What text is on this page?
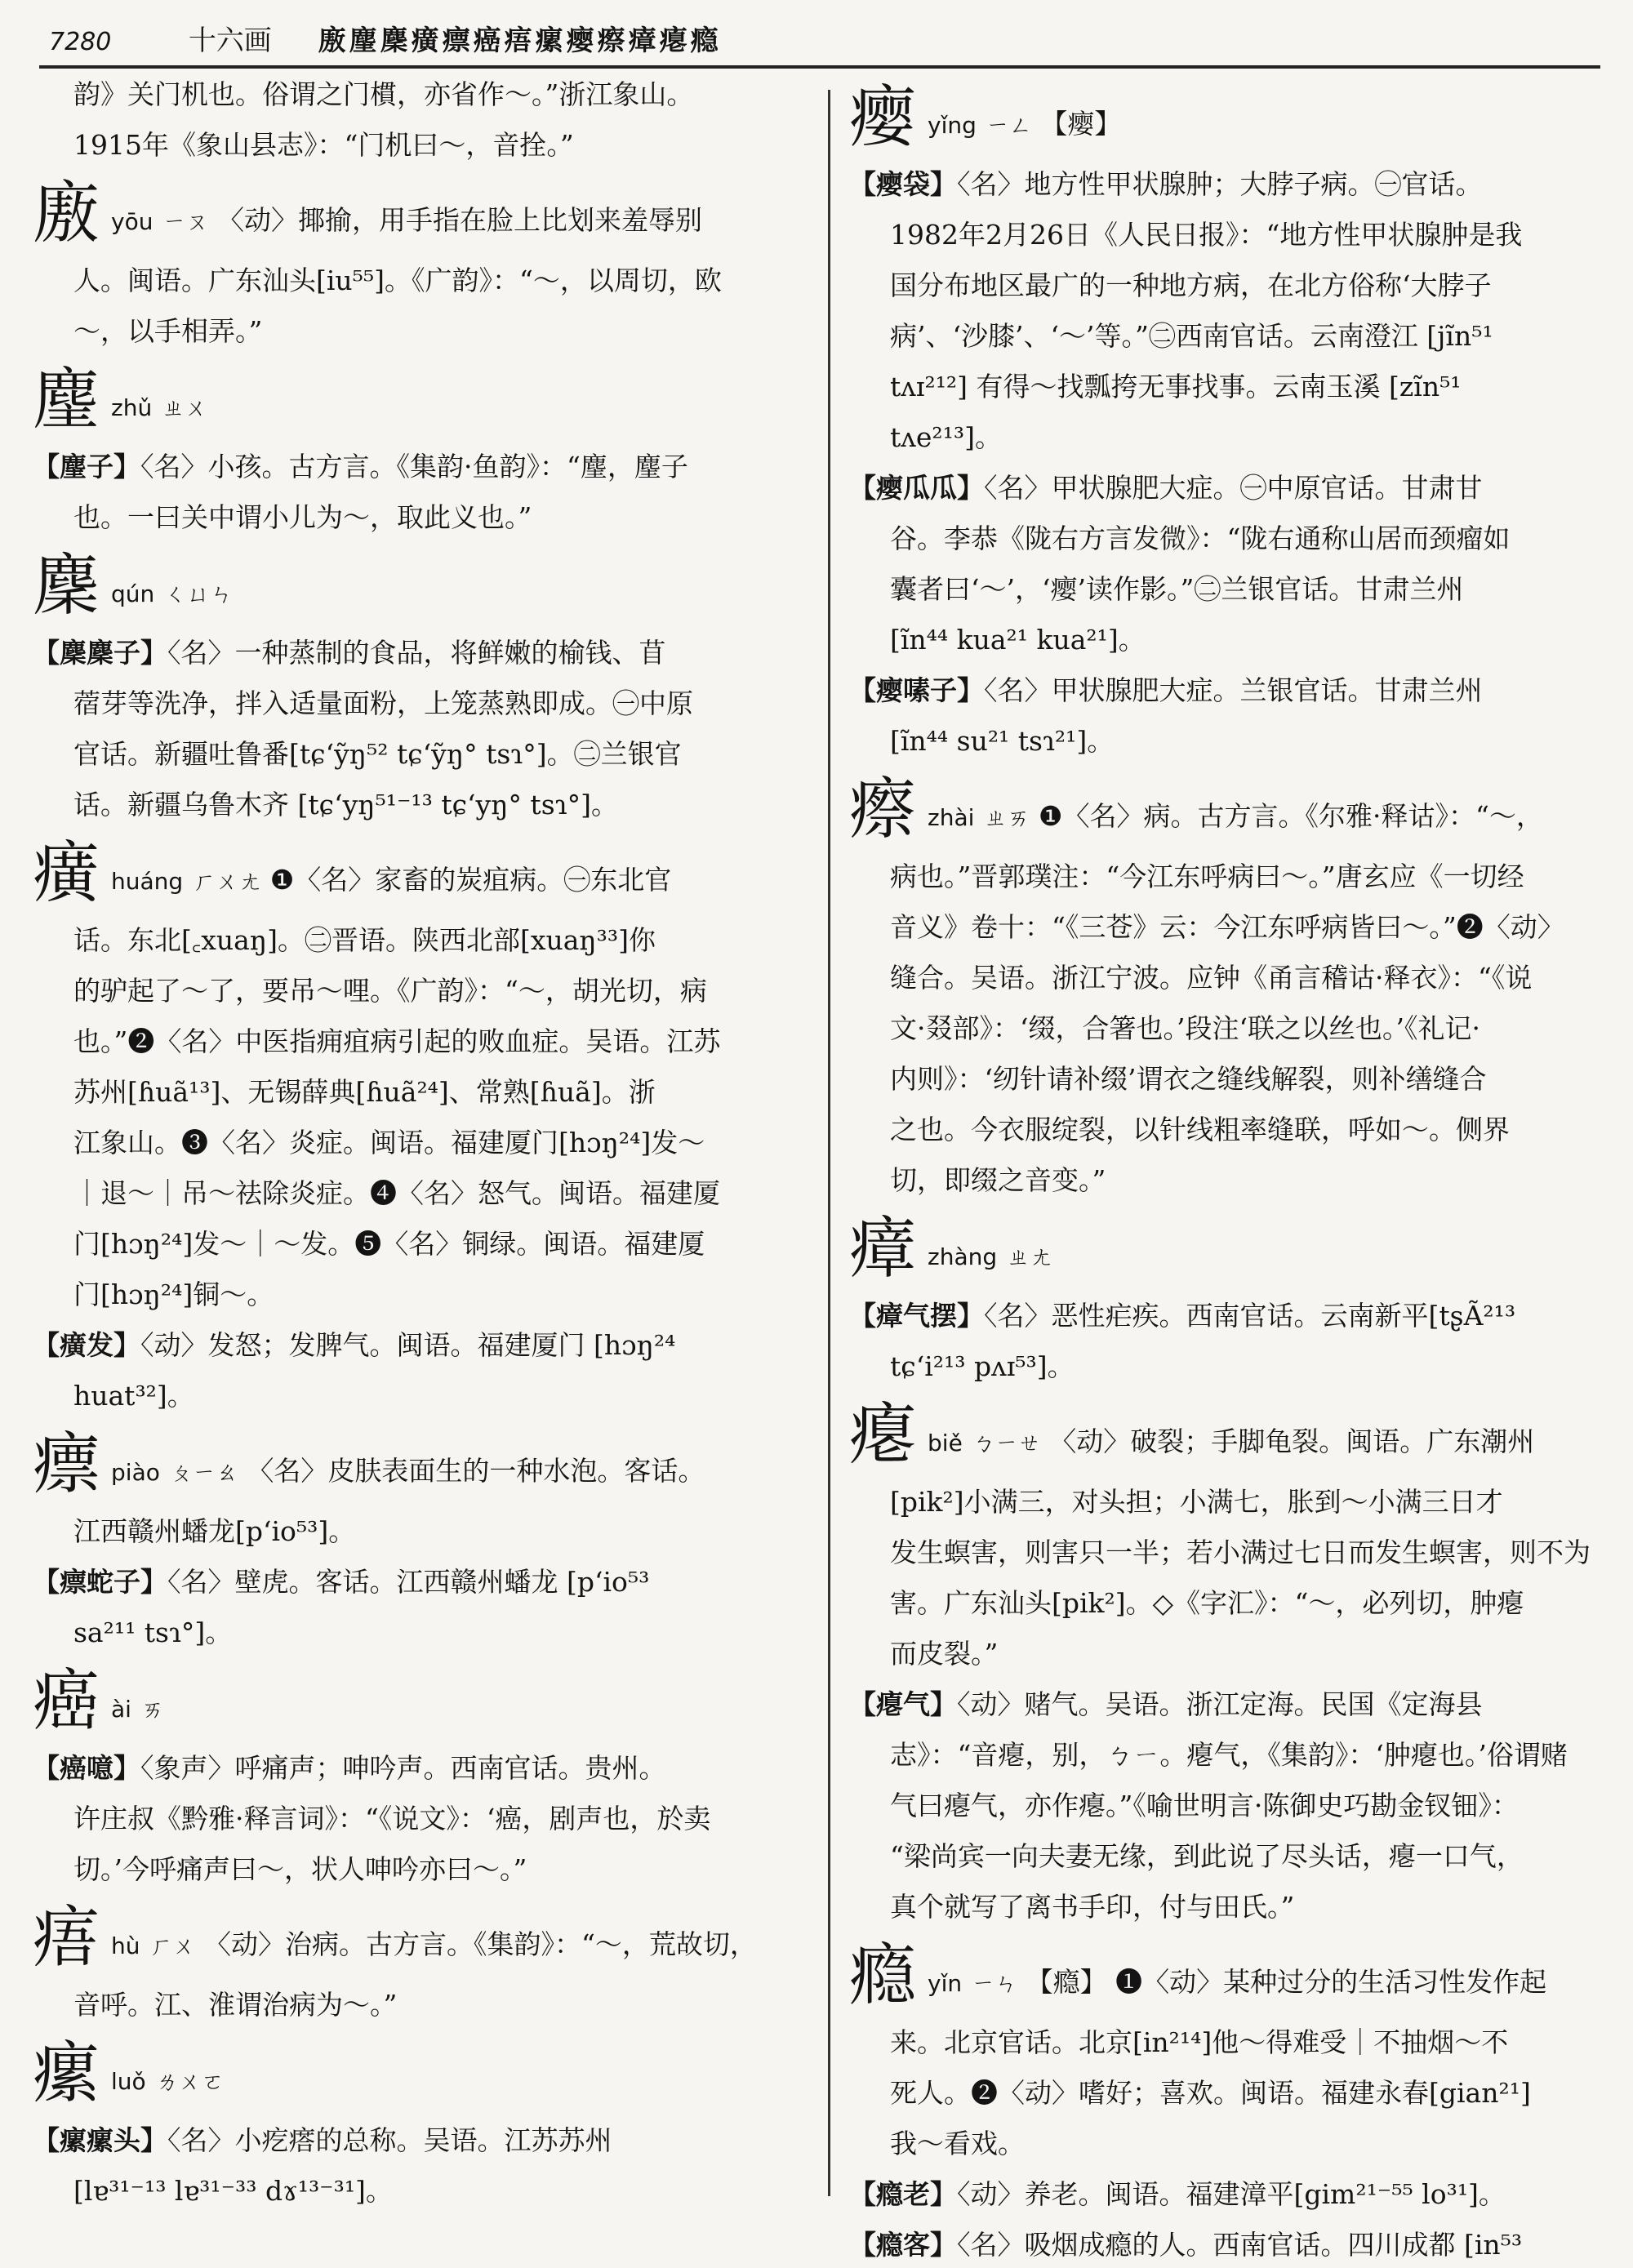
7280	十六画 廒麈麇癀瘭癌痦瘰瘿瘵瘴瘪瘾
韵》关门机也。俗谓之门樌，亦省作～。”浙江象山。
1915年《象山县志》：“门机曰～，音拴。”
廒yōu ㄧㄡ 〈动〉揶揄，用手指在脸上比划来羞辱别
人。闽语。广东汕头[iu⁵⁵]。《广韵》：“～，以周切，欧
～，以手相弄。”
麈zhǔ ㄓㄨ
【麈子】〈名〉小孩。古方言。《集韵·鱼韵》：“麈，麈子
也。一曰关中谓小儿为～，取此义也。”
麇qún ㄑㄩㄣ
【麇麇子】〈名〉一种蒸制的食品，将鲜嫩的榆钱、苜
蓿芽等洗净，拌入适量面粉，上笼蒸熟即成。㊀中原
官话。新疆吐鲁番[tɕʻỹŋ⁵² tɕʻỹŋ° tsɿ°]。㊁兰银官
话。新疆乌鲁木齐 [tɕʻyŋ⁵¹⁻¹³ tɕʻyŋ° tsɿ°]。
癀huáng ㄏㄨㄤ ❶〈名〉家畜的炭疽病。㊀东北官
话。东北[꜀xuaŋ]。㊁晋语。陕西北部[xuaŋ³³]你
的驴起了～了，要吊～哩。《广韵》：“～，胡光切，病
也。”❷〈名〉中医指痈疽病引起的败血症。吴语。江苏
苏州[ɦuã¹³]、无锡薛典[ɦuã²⁴]、常熟[ɦuã]。浙
江象山。❸〈名〉炎症。闽语。福建厦门[hɔŋ²⁴]发～
｜退～｜吊～祛除炎症。❹〈名〉怒气。闽语。福建厦
门[hɔŋ²⁴]发～｜～发。❺〈名〉铜绿。闽语。福建厦
门[hɔŋ²⁴]铜～。
【癀发】〈动〉发怒；发脾气。闽语。福建厦门 [hɔŋ²⁴
huat³²]。
瘭piào ㄆㄧㄠ 〈名〉皮肤表面生的一种水泡。客话。
江西赣州蟠龙[pʻio⁵³]。
【瘭蛇子】〈名〉壁虎。客话。江西赣州蟠龙 [pʻio⁵³
sa²¹¹ tsɿ°]。
癌ài ㄞ
【癌噫】〈象声〉呼痛声；呻吟声。西南官话。贵州。
许庄叔《黔雅·释言词》：“《说文》：‘癌，剧声也，於卖
切。’今呼痛声曰～，状人呻吟亦曰～。”
痦hù ㄏㄨ 〈动〉治病。古方言。《集韵》：“～，荒故切，
音呼。江、淮谓治病为～。”
瘰luǒ ㄌㄨㄛ
【瘰瘰头】〈名〉小疙瘩的总称。吴语。江苏苏州
[lɐ³¹⁻¹³ lɐ³¹⁻³³ dɤ¹³⁻³¹]。
瘿yǐng ㄧㄥ 【瘿】
【瘿袋】〈名〉地方性甲状腺肿；大脖子病。㊀官话。
1982年2月26日《人民日报》：“地方性甲状腺肿是我
国分布地区最广的一种地方病，在北方俗称‘大脖子
病’、‘沙膝’、‘～’等。”㊁西南官话。云南澄江 [jĩn⁵¹
tʌɪ²¹²] 有得～找瓢挎无事找事。云南玉溪 [zĩn⁵¹
tʌe²¹³]。
【瘿瓜瓜】〈名〉甲状腺肥大症。㊀中原官话。甘肃甘
谷。李恭《陇右方言发微》：“陇右通称山居而颈瘤如
囊者曰‘～’，‘瘿’读作影。”㊁兰银官话。甘肃兰州
[ĩn⁴⁴ kua²¹ kua²¹]。
【瘿嗉子】〈名〉甲状腺肥大症。兰银官话。甘肃兰州
[ĩn⁴⁴ su²¹ tsɿ²¹]。
瘵zhài ㄓㄞ ❶〈名〉病。古方言。《尔雅·释诂》：“～，
病也。”晋郭璞注：“今江东呼病曰～。”唐玄应《一切经
音义》卷十：“《三苍》云：今江东呼病皆曰～。”❷〈动〉
缝合。吴语。浙江宁波。应钟《甬言稽诂·释衣》：“《说
文·叕部》：‘缀，合箸也。’段注‘联之以丝也。’《礼记·
内则》：‘纫针请补缀’谓衣之缝线解裂，则补缮缝合
之也。今衣服绽裂，以针线粗率缝联，呼如～。侧界
切，即缀之音变。”
瘴zhàng ㄓㄤ
【瘴气摆】〈名〉恶性疟疾。西南官话。云南新平[tʂÃ²¹³
tɕʻi²¹³ pʌɪ⁵³]。
瘪biě ㄅㄧㄝ 〈动〉破裂；手脚龟裂。闽语。广东潮州
[pik²]小满三，对头担；小满七，胀到～小满三日才
发生螟害，则害只一半；若小满过七日而发生螟害，则不为
害。广东汕头[pik²]。◇《字汇》：“～，必列切，肿瘪
而皮裂。”
【瘪气】〈动〉赌气。吴语。浙江定海。民国《定海县
志》：“音瘪，别，ㄅㄧ。瘪气，《集韵》：‘肿瘪也。’俗谓赌
气曰瘪气，亦作瘪。”《喻世明言·陈御史巧勘金钗钿》：
“梁尚宾一向夫妻无缘，到此说了尽头话，瘪一口气，
真个就写了离书手印，付与田氏。”
瘾yǐn ㄧㄣ 【瘾】 ❶〈动〉某种过分的生活习性发作起
来。北京官话。北京[in²¹⁴]他～得难受｜不抽烟～不
死人。❷〈动〉嗜好；喜欢。闽语。福建永春[gian²¹]
我～看戏。
【瘾老】〈动〉养老。闽语。福建漳平[gim²¹⁻⁵⁵ lo³¹]。
【瘾客】〈名〉吸烟成瘾的人。西南官话。四川成都 [in⁵³
